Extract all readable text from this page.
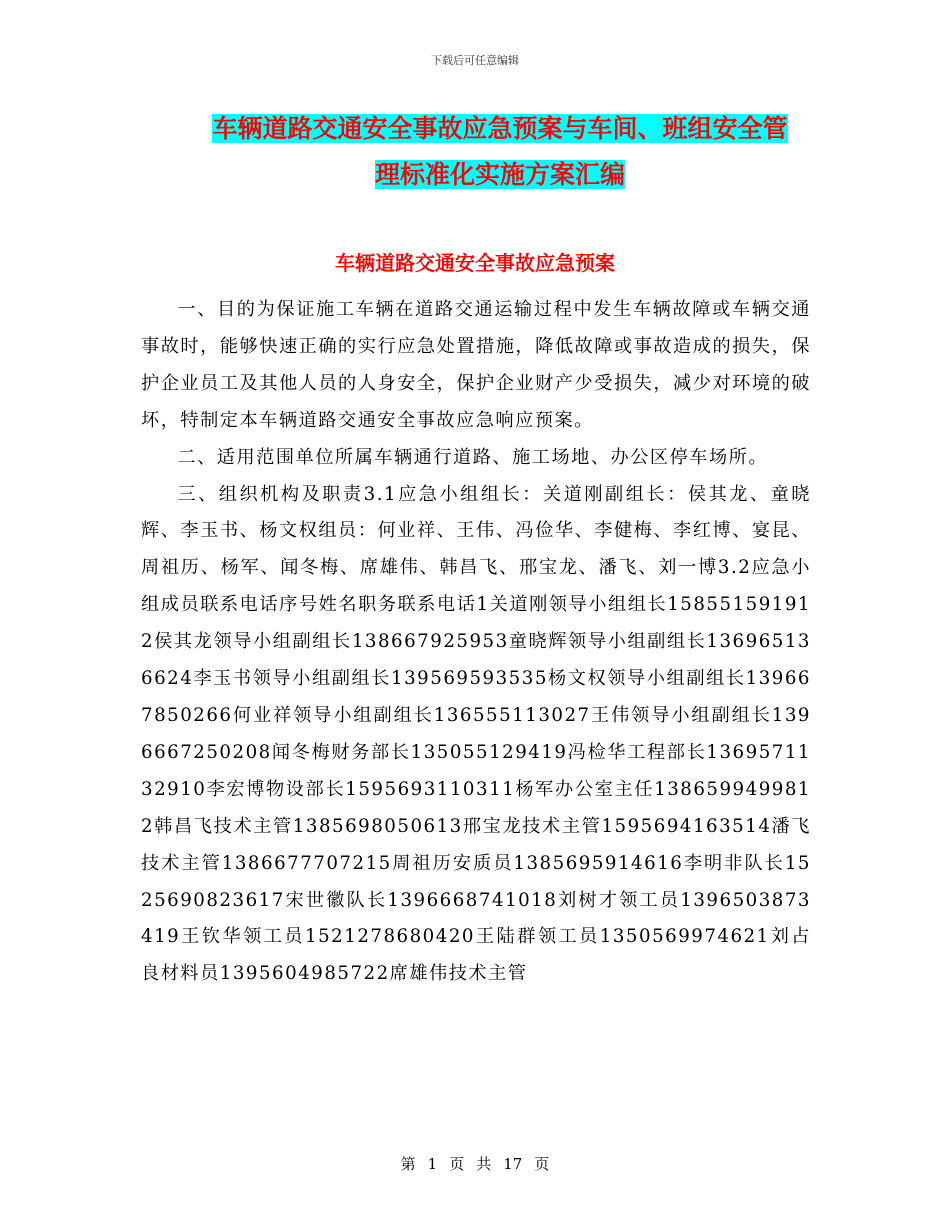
下载后可任意编辑
车辆道路交通安全事故应急预案与车间、班组安全管
理标准化实施方案汇编
车辆道路交通安全事故应急预案

一、目的为保证施工车辆在道路交通运输过程中发生车辆故障或车辆交通事故时，能够快速正确的实行应急处置措施，降低故障或事故造成的损失，保护企业员工及其他人员的人身安全，保护企业财产少受损失，减少对环境的破坏，特制定本车辆道路交通安全事故应急响应预案。

二、适用范围单位所属车辆通行道路、施工场地、办公区停车场所。

三、组织机构及职责3.1应急小组组长：关道刚副组长：侯其龙、童晓辉、李玉书、杨文权组员：何业祥、王伟、冯俭华、李健梅、李红博、宴昆、周祖历、杨军、闻冬梅、席雄伟、韩昌飞、邢宝龙、潘飞、刘一博3.2应急小组成员联系电话序号姓名职务联系电话1关道刚领导小组组长158551591912侯其龙领导小组副组长138667925953童晓辉领导小组副组长136965136624李玉书领导小组副组长139569593535杨文权领导小组副组长139667850266何业祥领导小组副组长136555113027王伟领导小组副组长1396667250208闻冬梅财务部长135055129419冯检华工程部长1369571132910李宏博物设部长1595693110311杨军办公室主任1386599499812韩昌飞技术主管1385698050613邢宝龙技术主管1595694163514潘飞技术主管1386677707215周祖历安质员1385695914616李明非队长1525690823617宋世徽队长1396668741018刘树才领工员1396503873419王钦华领工员1521278680420王陆群领工员1350569974621刘占良材料员1395604985722席雄伟技术主管

第 1 页 共 17 页
